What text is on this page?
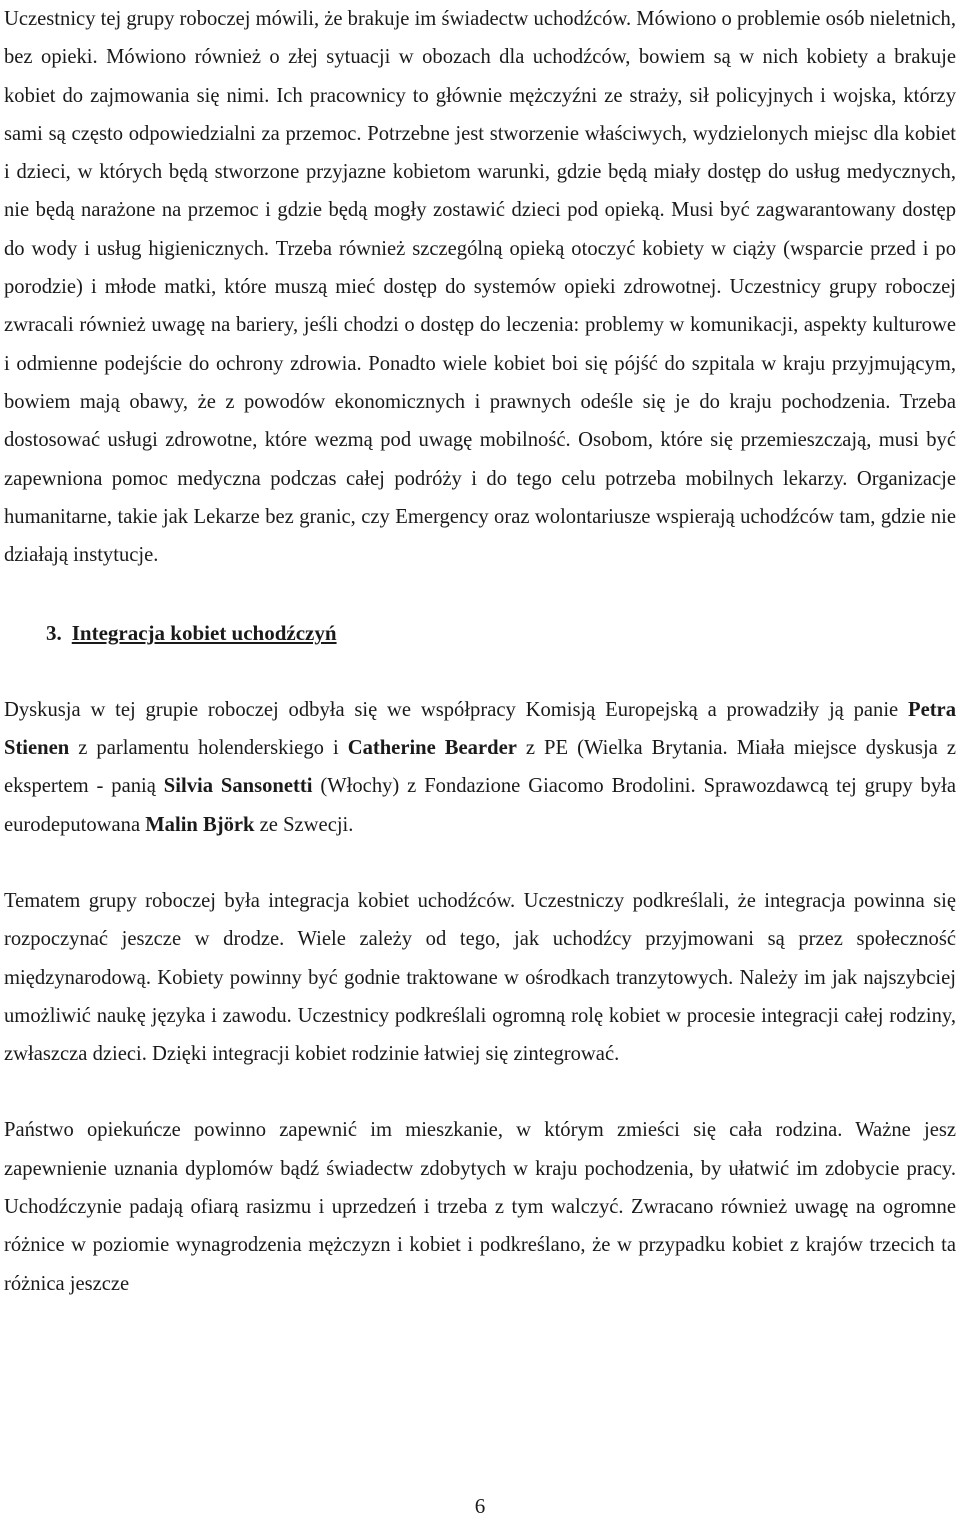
Uczestnicy tej grupy roboczej mówili, że brakuje im świadectw uchodźców. Mówiono o problemie osób nieletnich, bez opieki. Mówiono również o złej sytuacji w obozach dla uchodźców, bowiem są w nich kobiety a brakuje kobiet do zajmowania się nimi. Ich pracownicy to głównie mężczyźni ze straży, sił policyjnych i wojska, którzy sami są często odpowiedzialni za przemoc. Potrzebne jest stworzenie właściwych, wydzielonych miejsc dla kobiet i dzieci, w których będą stworzone przyjazne kobietom warunki, gdzie będą miały dostęp do usług medycznych, nie będą narażone na przemoc i gdzie będą mogły zostawić dzieci pod opieką. Musi być zagwarantowany dostęp do wody i usług higienicznych. Trzeba również szczególną opieką otoczyć kobiety w ciąży (wsparcie przed i po porodzie) i młode matki, które muszą mieć dostęp do systemów opieki zdrowotnej. Uczestnicy grupy roboczej zwracali również uwagę na bariery, jeśli chodzi o dostęp do leczenia: problemy w komunikacji, aspekty kulturowe i odmienne podejście do ochrony zdrowia. Ponadto wiele kobiet boi się pójść do szpitala w kraju przyjmującym, bowiem mają obawy, że z powodów ekonomicznych i prawnych odeśle się je do kraju pochodzenia. Trzeba dostosować usługi zdrowotne, które wezmą pod uwagę mobilność. Osobom, które się przemieszczają, musi być zapewniona pomoc medyczna podczas całej podróży i do tego celu potrzeba mobilnych lekarzy. Organizacje humanitarne, takie jak Lekarze bez granic, czy Emergency oraz wolontariusze wspierają uchodźców tam, gdzie nie działają instytucje.

3. Integracja kobiet uchodźczyń

Dyskusja w tej grupie roboczej odbyła się we współpracy Komisją Europejską a prowadziły ją panie Petra Stienen z parlamentu holenderskiego i Catherine Bearder z PE (Wielka Brytania. Miała miejsce dyskusja z ekspertem - panią Silvia Sansonetti (Włochy) z Fondazione Giacomo Brodolini. Sprawozdawcą tej grupy była eurodeputowana Malin Björk ze Szwecji.

Tematem grupy roboczej była integracja kobiet uchodźców. Uczestniczy podkreślali, że integracja powinna się rozpoczynać jeszcze w drodze. Wiele zależy od tego, jak uchodźcy przyjmowani są przez społeczność międzynarodową. Kobiety powinny być godnie traktowane w ośrodkach tranzytowych. Należy im jak najszybciej umożliwić naukę języka i zawodu. Uczestnicy podkreślali ogromną rolę kobiet w procesie integracji całej rodziny, zwłaszcza dzieci. Dzięki integracji kobiet rodzinie łatwiej się zintegrować.

Państwo opiekuńcze powinno zapewnić im mieszkanie, w którym zmieści się cała rodzina. Ważne jesz zapewnienie uznania dyplomów bądź świadectw zdobytych w kraju pochodzenia, by ułatwić im zdobycie pracy. Uchodźczynie padają ofiarą rasizmu i uprzedzeń i trzeba z tym walczyć. Zwracano również uwagę na ogromne różnice w poziomie wynagrodzenia mężczyzn i kobiet i podkreślano, że w przypadku kobiet z krajów trzecich ta różnica jeszcze

6
